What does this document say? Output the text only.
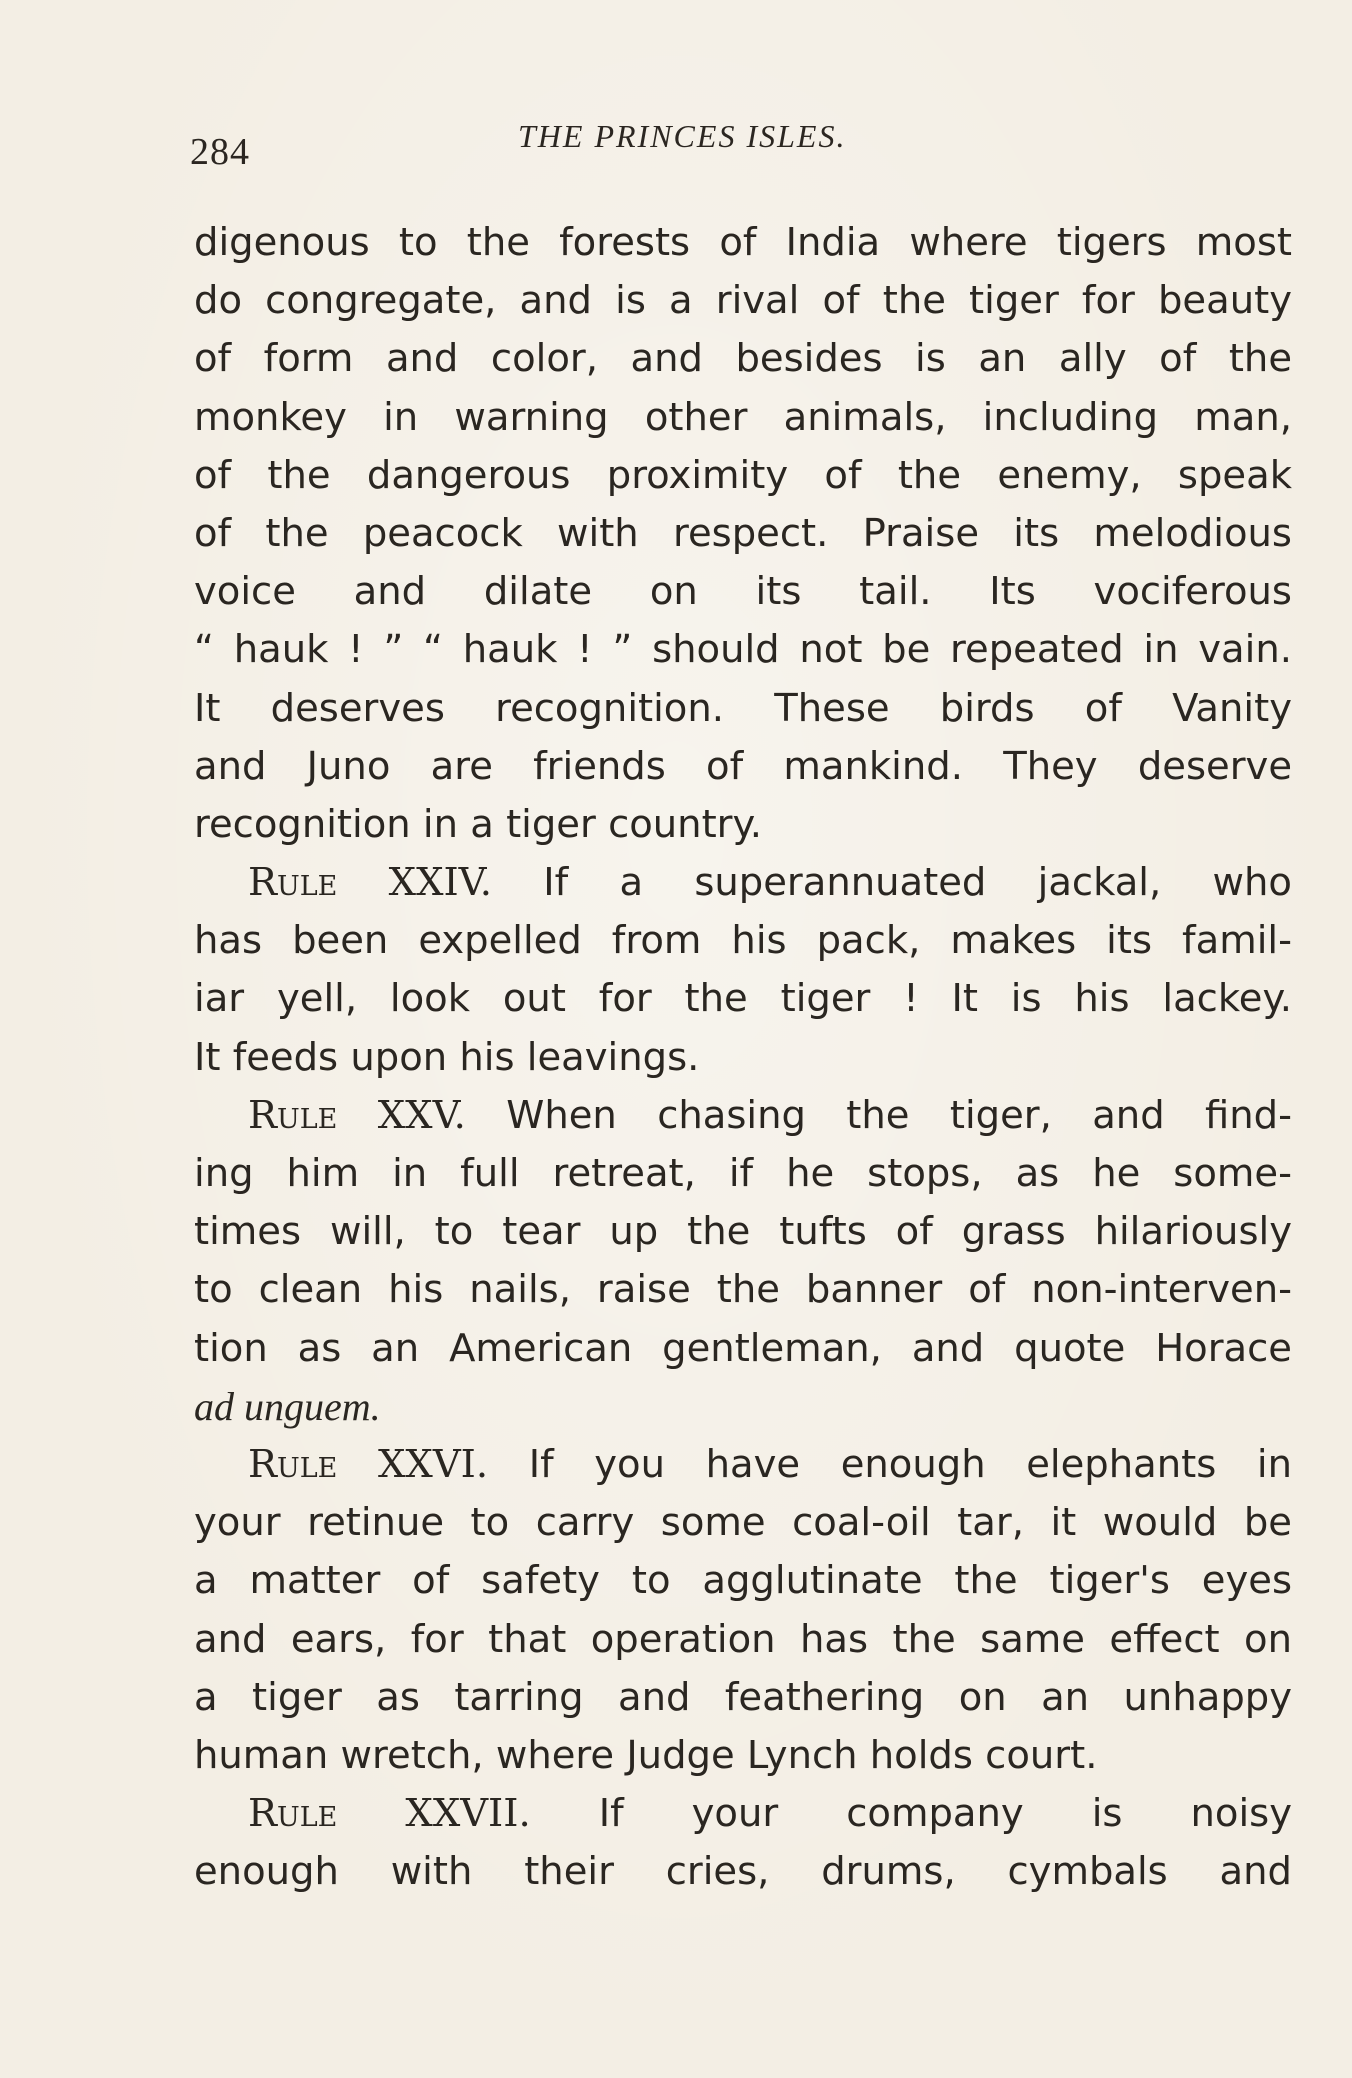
284	THE PRINCES ISLES.
digenous to the forests of India where tigers most
do congregate, and is a rival of the tiger for beauty
of form and color, and besides is an ally of the
monkey in warning other animals, including man,
of the dangerous proximity of the enemy, speak
of the peacock with respect. Praise its melodious
voice and dilate on its tail. Its vociferous
“ hauk ! ” “ hauk ! ” should not be repeated in vain.
It deserves recognition. These birds of Vanity
and Juno are friends of mankind. They deserve
recognition in a tiger country.
Rule XXIV. If a superannuated jackal, who
has been expelled from his pack, makes its famil-
iar yell, look out for the tiger ! It is his lackey.
It feeds upon his leavings.
Rule XXV. When chasing the tiger, and find-
ing him in full retreat, if he stops, as he some-
times will, to tear up the tufts of grass hilariously
to clean his nails, raise the banner of non-interven-
tion as an American gentleman, and quote Horace
ad unguem.
Rule XXVI. If you have enough elephants in
your retinue to carry some coal-oil tar, it would be
a matter of safety to agglutinate the tiger's eyes
and ears, for that operation has the same effect on
a tiger as tarring and feathering on an unhappy
human wretch, where Judge Lynch holds court.
Rule XXVII. If your company is noisy
enough with their cries, drums, cymbals and
